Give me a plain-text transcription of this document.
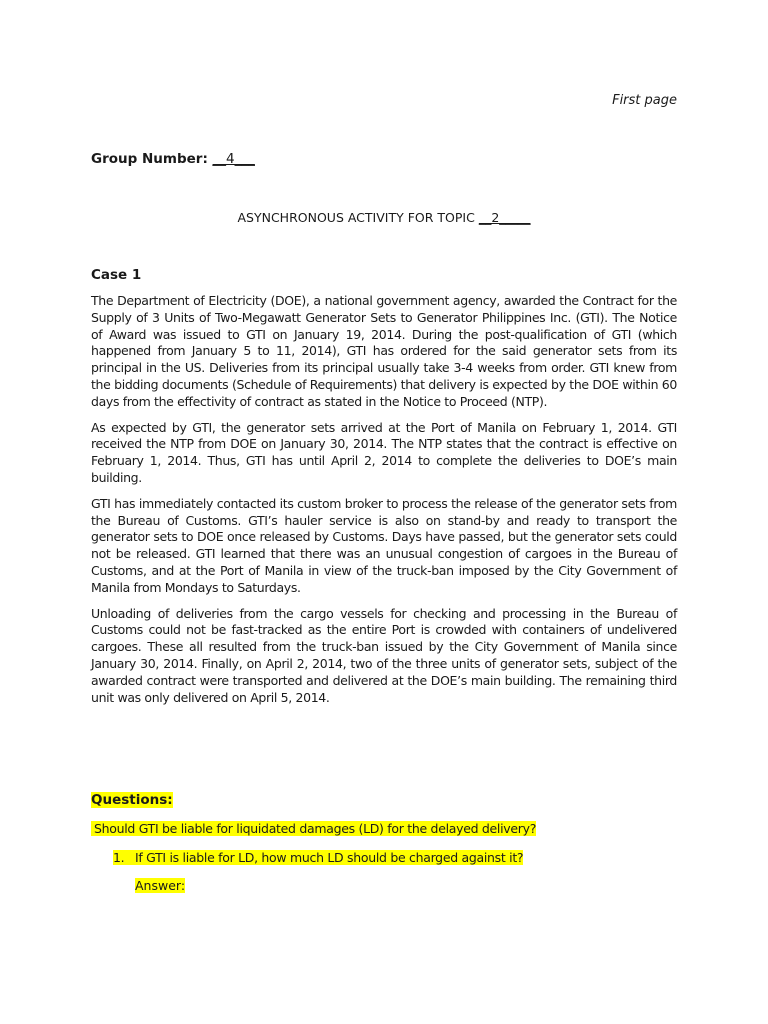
First page
Group Number: __4___
ASYNCHRONOUS ACTIVITY FOR TOPIC __2_____
Case 1

The Department of Electricity (DOE), a national government agency, awarded the Contract for the Supply of 3 Units of Two-Megawatt Generator Sets to Generator Philippines Inc. (GTI). The Notice of Award was issued to GTI on January 19, 2014. During the post-qualification of GTI (which happened from January 5 to 11, 2014), GTI has ordered for the said generator sets from its principal in the US. Deliveries from its principal usually take 3-4 weeks from order. GTI knew from the bidding documents (Schedule of Requirements) that delivery is expected by the DOE within 60 days from the effectivity of contract as stated in the Notice to Proceed (NTP).

As expected by GTI, the generator sets arrived at the Port of Manila on February 1, 2014. GTI received the NTP from DOE on January 30, 2014. The NTP states that the contract is effective on February 1, 2014. Thus, GTI has until April 2, 2014 to complete the deliveries to DOE’s main building.

GTI has immediately contacted its custom broker to process the release of the generator sets from the Bureau of Customs. GTI’s hauler service is also on stand-by and ready to transport the generator sets to DOE once released by Customs. Days have passed, but the generator sets could not be released. GTI learned that there was an unusual congestion of cargoes in the Bureau of Customs, and at the Port of Manila in view of the truck-ban imposed by the City Government of Manila from Mondays to Saturdays.

Unloading of deliveries from the cargo vessels for checking and processing in the Bureau of Customs could not be fast-tracked as the entire Port is crowded with containers of undelivered cargoes. These all resulted from the truck-ban issued by the City Government of Manila since January 30, 2014. Finally, on April 2, 2014, two of the three units of generator sets, subject of the awarded contract were transported and delivered at the DOE’s main building. The remaining third unit was only delivered on April 5, 2014.

Questions:
Should GTI be liable for liquidated damages (LD) for the delayed delivery?
1. If GTI is liable for LD, how much LD should be charged against it?
Answer:
